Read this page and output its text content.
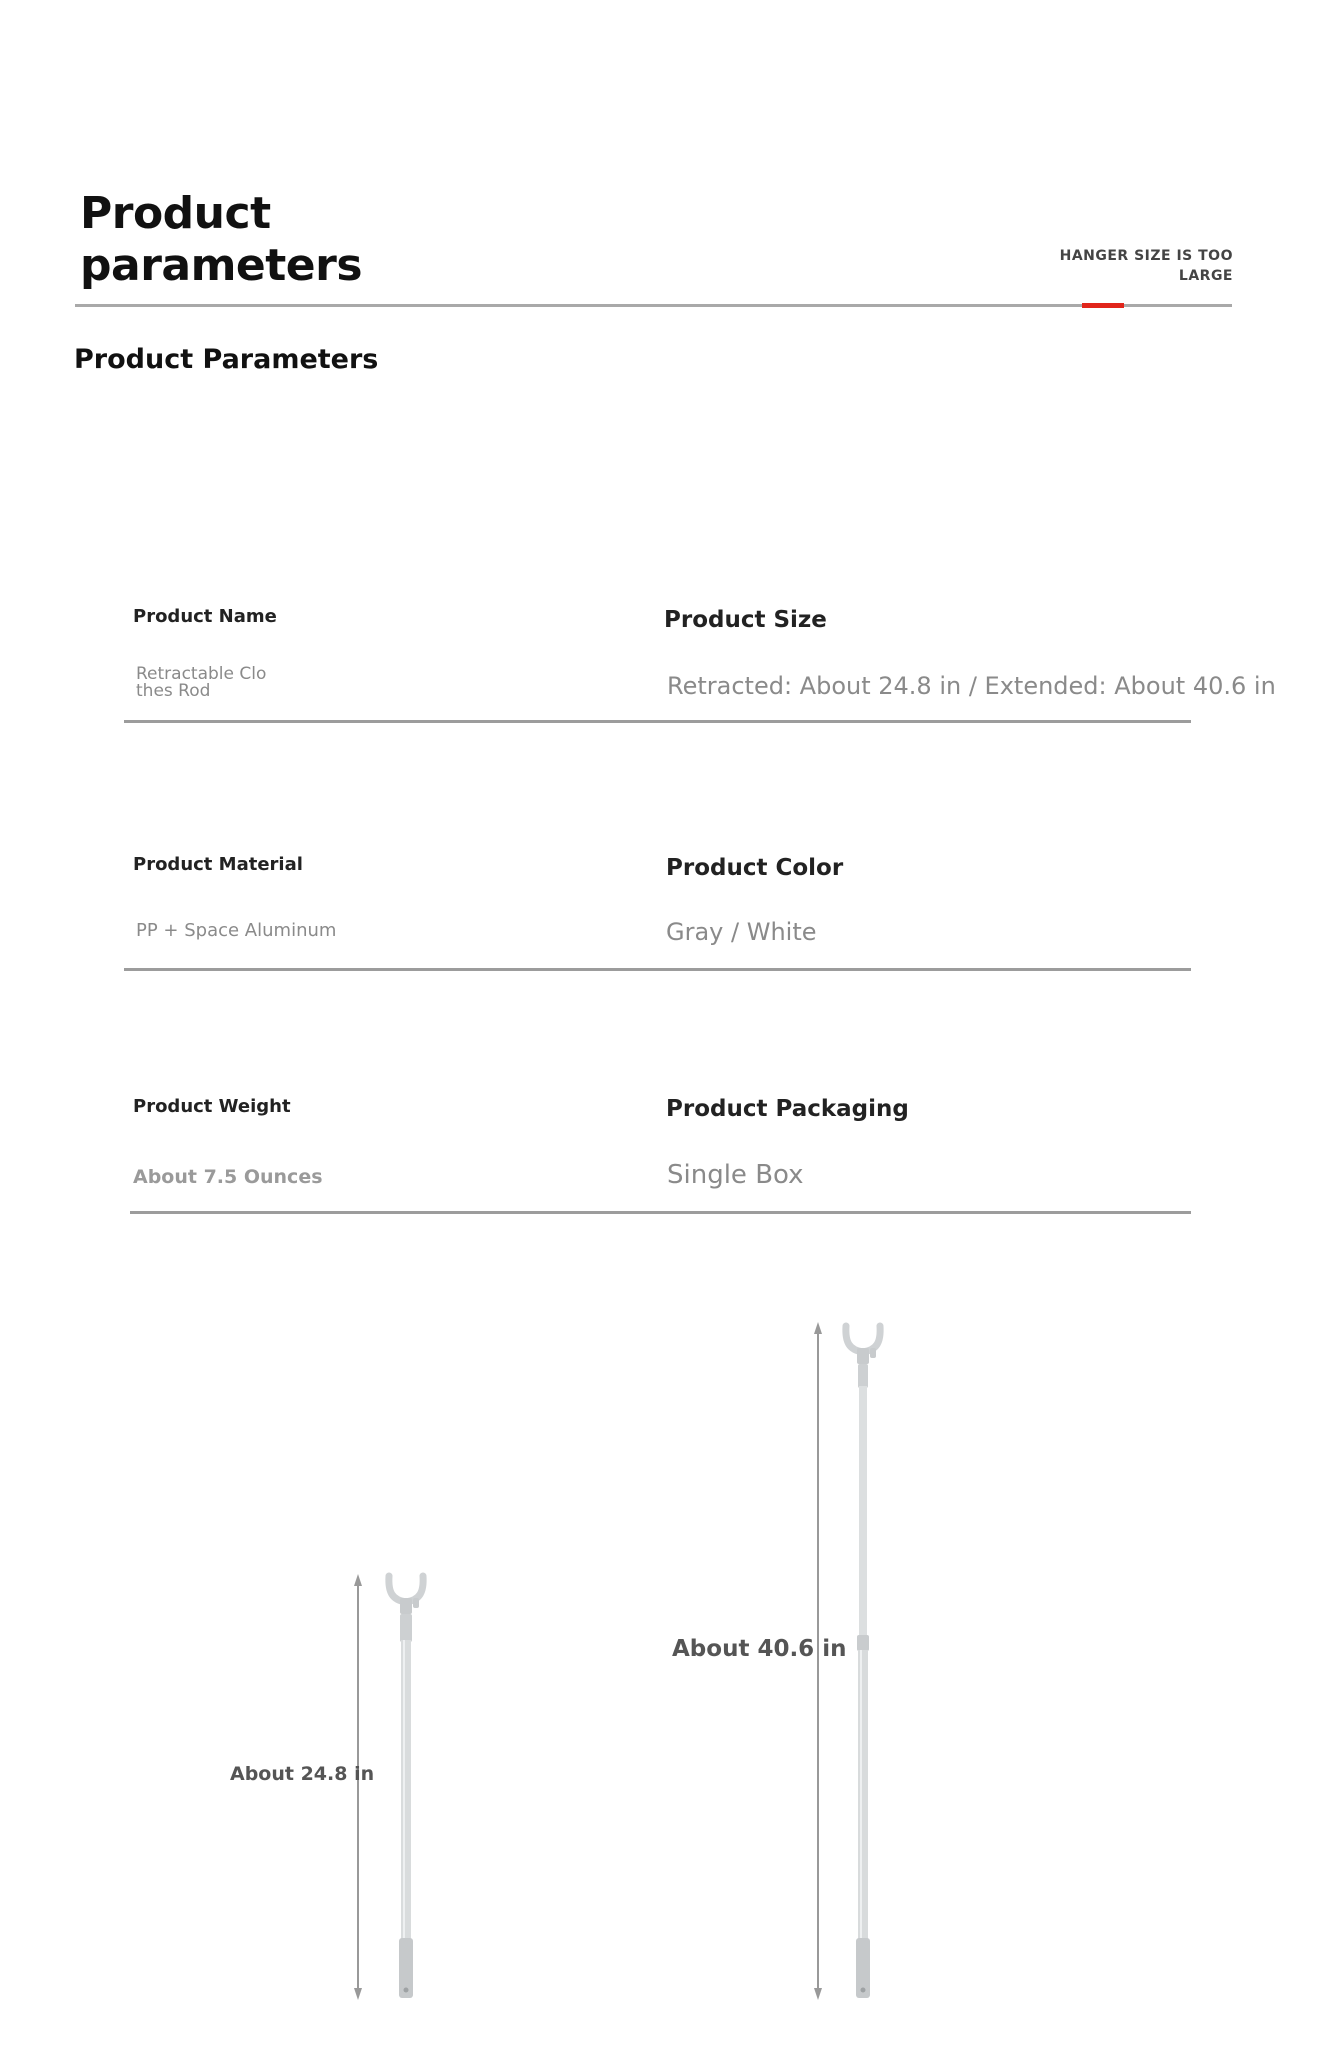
Product
parameters	HANGER SIZE IS TOO
LARGE
Product Parameters
Product Name
Retractable Clo
thes Rod
Product Size
Retracted: About 24.8 in / Extended: About 40.6 in
Product Material
PP + Space Aluminum
Product Color
Gray / White
Product Weight
About 7.5 Ounces
Product Packaging
Single Box
About 24.8 in
About 40.6 in
